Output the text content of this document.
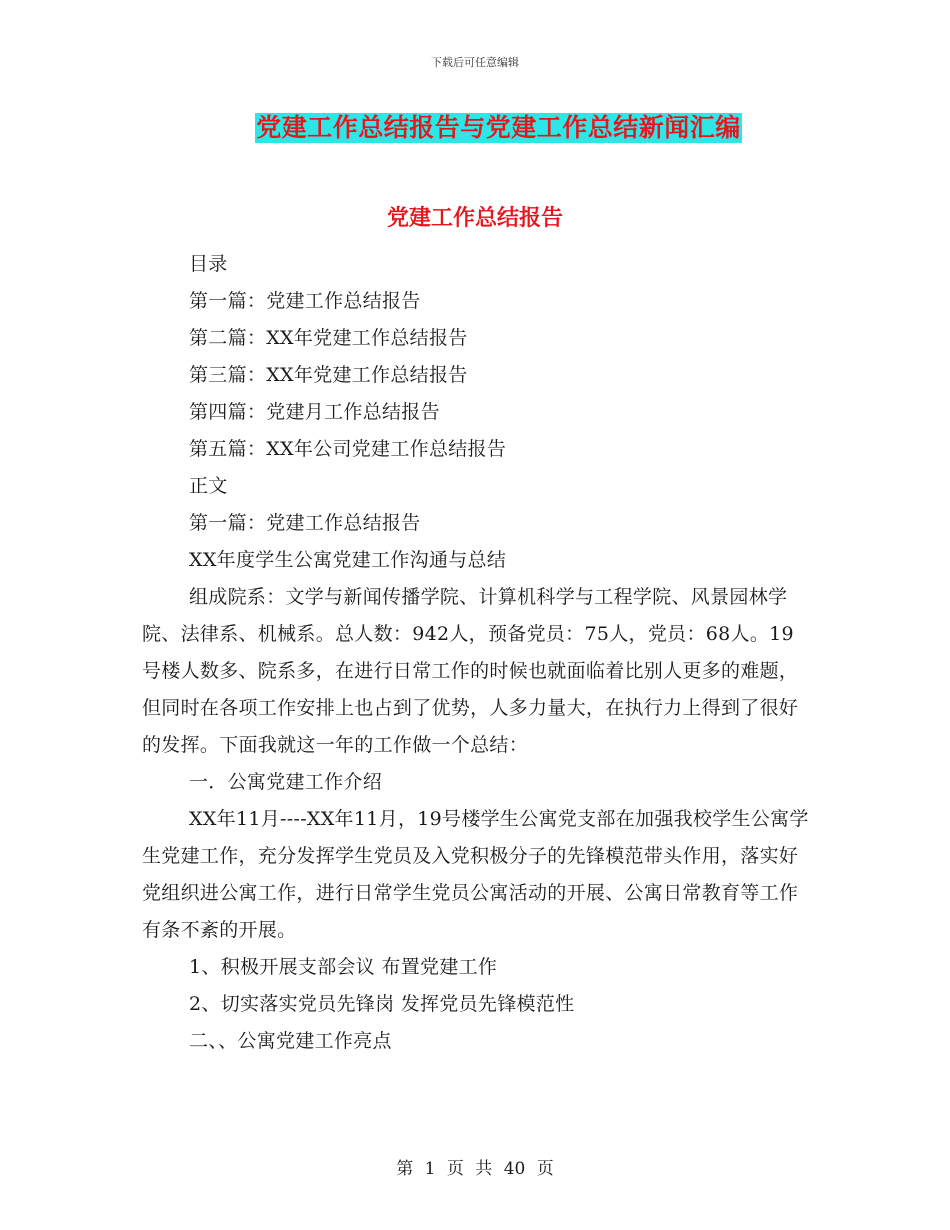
下载后可任意编辑
党建工作总结报告与党建工作总结新闻汇编
党建工作总结报告

目录

第一篇：党建工作总结报告

第二篇：XX年党建工作总结报告

第三篇：XX年党建工作总结报告

第四篇：党建月工作总结报告

第五篇：XX年公司党建工作总结报告

正文

第一篇：党建工作总结报告

XX年度学生公寓党建工作沟通与总结

组成院系：文学与新闻传播学院、计算机科学与工程学院、风景园林学院、法律系、机械系。总人数：942人，预备党员：75人，党员：68人。19号楼人数多、院系多，在进行日常工作的时候也就面临着比别人更多的难题，但同时在各项工作安排上也占到了优势，人多力量大，在执行力上得到了很好的发挥。下面我就这一年的工作做一个总结：

一．公寓党建工作介绍

XX年11月----XX年11月，19号楼学生公寓党支部在加强我校学生公寓学生党建工作，充分发挥学生党员及入党积极分子的先锋模范带头作用，落实好党组织进公寓工作，进行日常学生党员公寓活动的开展、公寓日常教育等工作有条不紊的开展。

1、积极开展支部会议 布置党建工作

2、切实落实党员先锋岗 发挥党员先锋模范性

二、、公寓党建工作亮点

第 1 页 共 40 页
